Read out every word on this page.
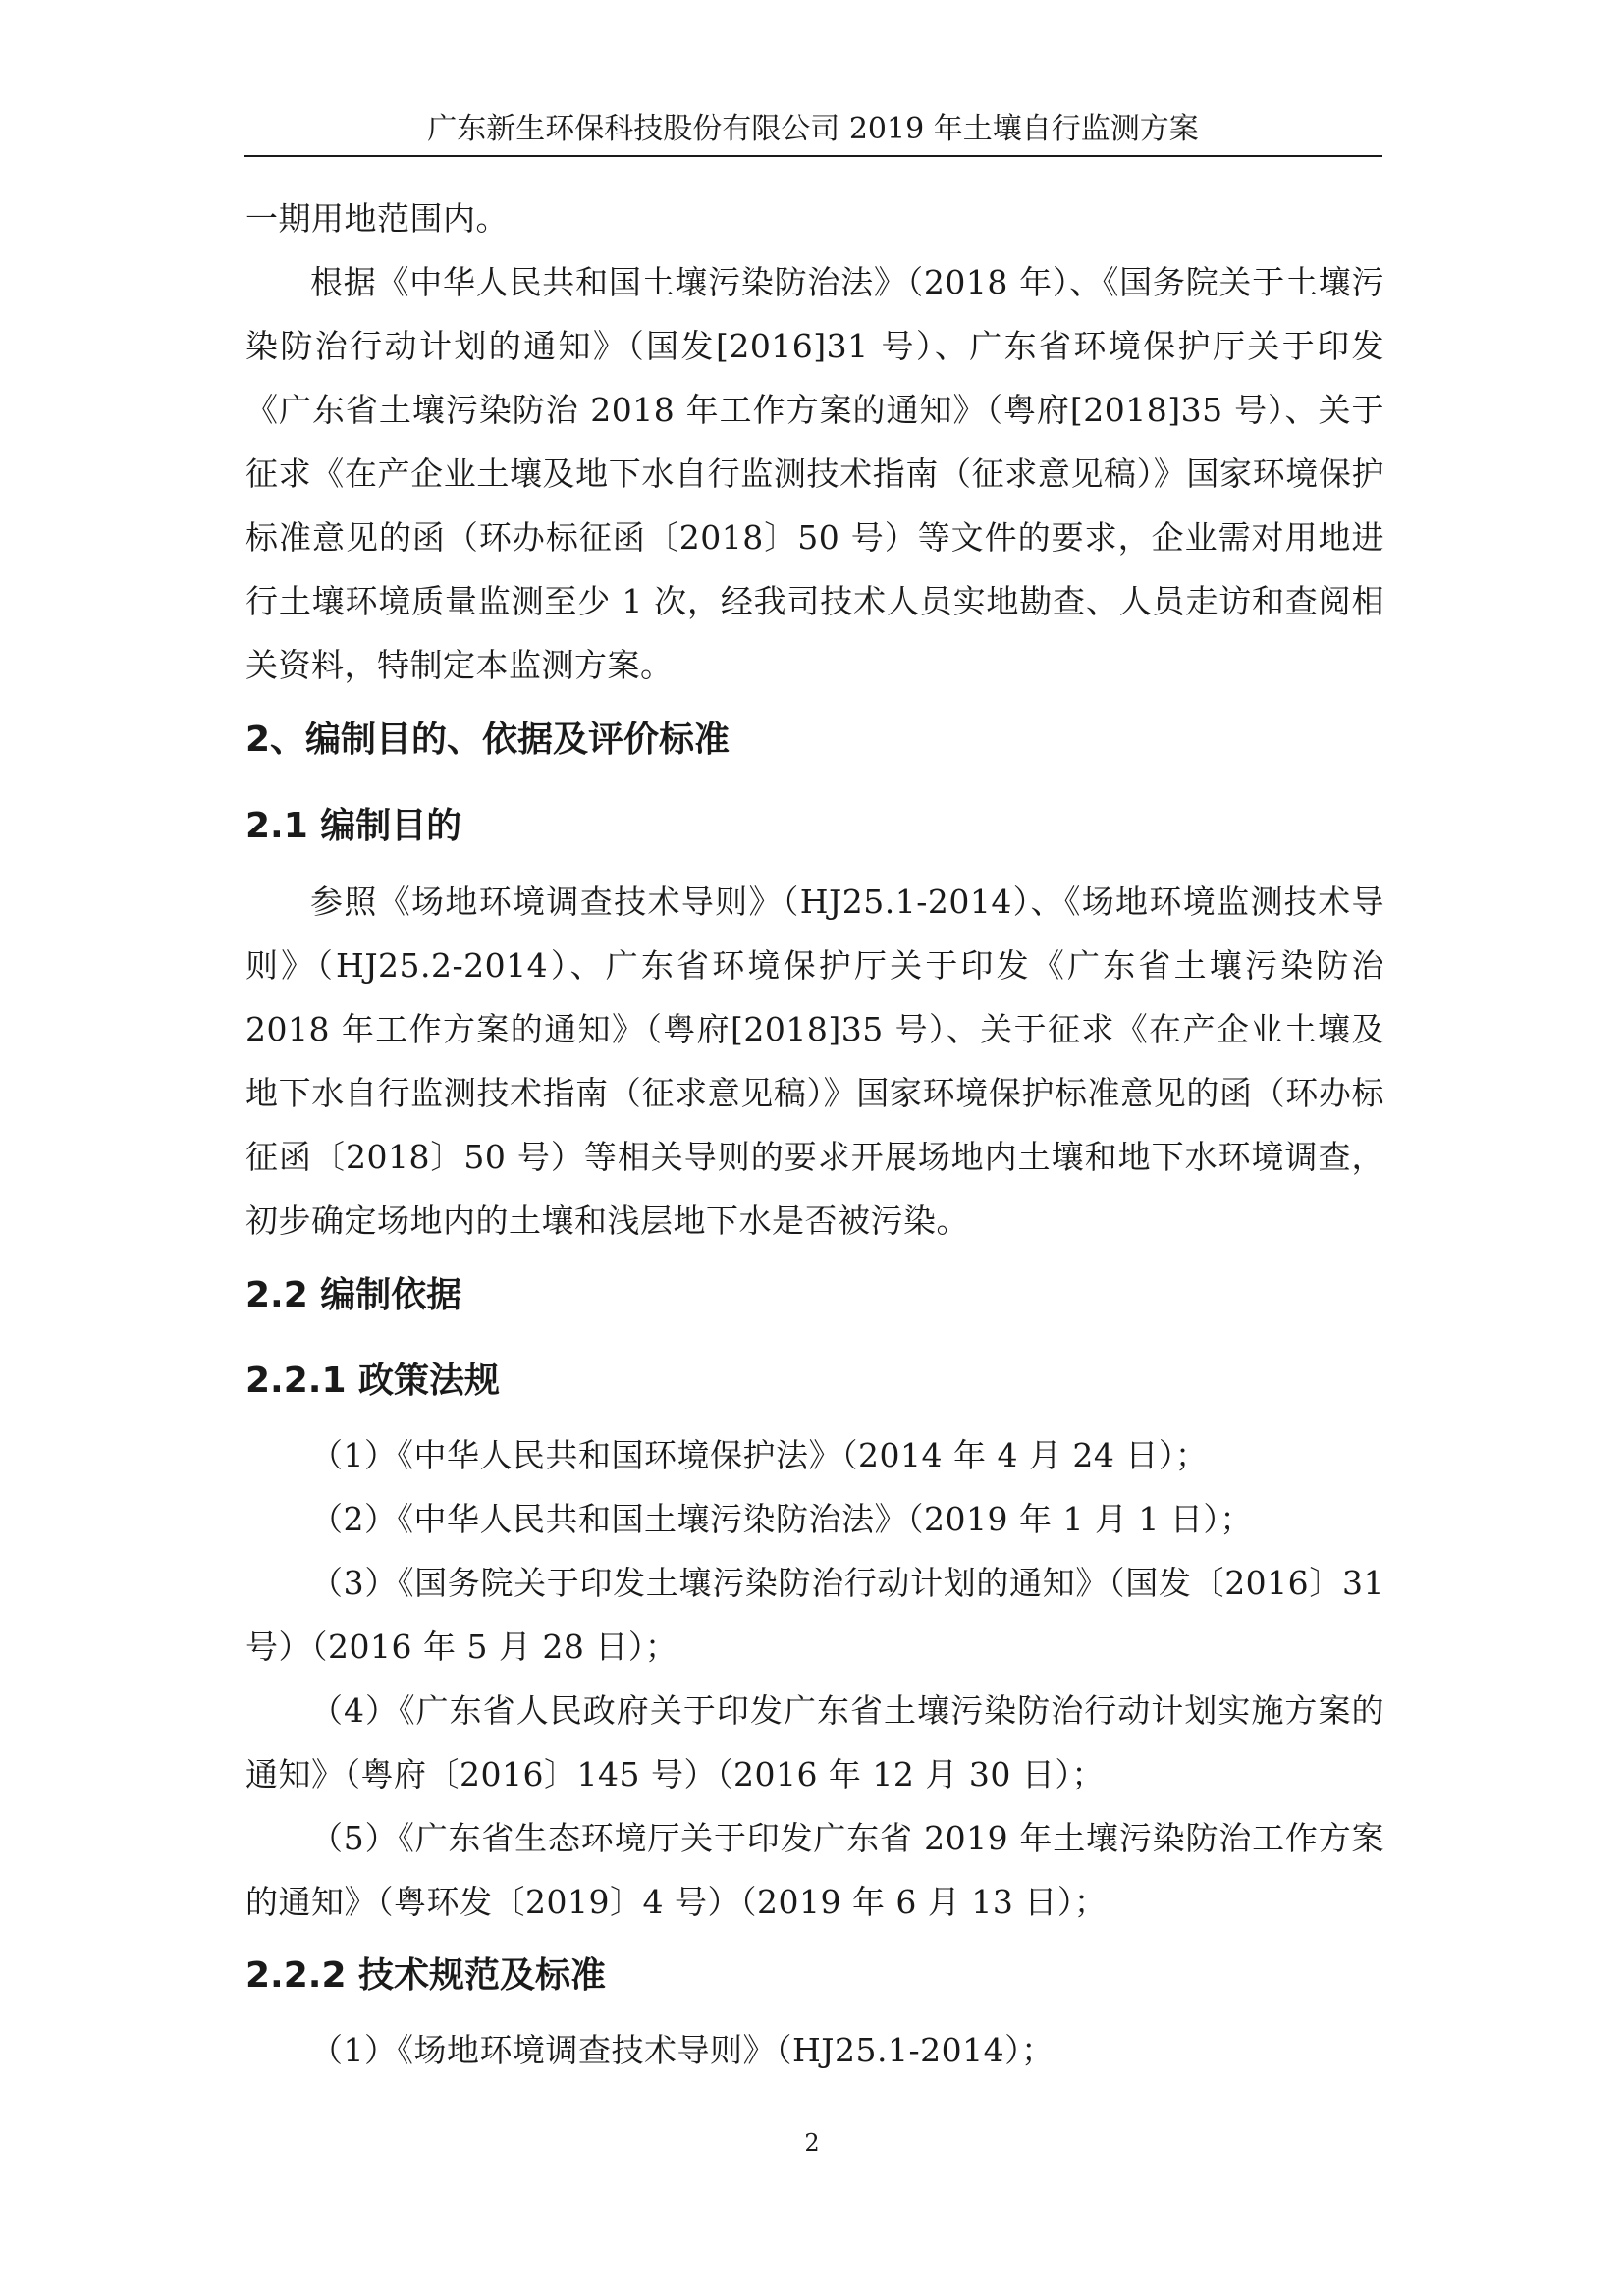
广东新生环保科技股份有限公司 2019 年土壤自行监测方案

一期用地范围内。

根据《中华人民共和国土壤污染防治法》（2018 年）、《国务院关于土壤污染防治行动计划的通知》（国发[2016]31 号）、广东省环境保护厅关于印发《广东省土壤污染防治 2018 年工作方案的通知》（粤府[2018]35 号）、关于征求《在产企业土壤及地下水自行监测技术指南（征求意见稿）》国家环境保护标准意见的函（环办标征函〔2018〕50 号）等文件的要求，企业需对用地进行土壤环境质量监测至少 1 次，经我司技术人员实地勘查、人员走访和查阅相关资料，特制定本监测方案。

2、编制目的、依据及评价标准
2.1 编制目的

参照《场地环境调查技术导则》（HJ25.1-2014）、《场地环境监测技术导则》（HJ25.2-2014）、广东省环境保护厅关于印发《广东省土壤污染防治 2018 年工作方案的通知》（粤府[2018]35 号）、关于征求《在产企业土壤及地下水自行监测技术指南（征求意见稿）》国家环境保护标准意见的函（环办标征函〔2018〕50 号）等相关导则的要求开展场地内土壤和地下水环境调查，初步确定场地内的土壤和浅层地下水是否被污染。

2.2 编制依据
2.2.1 政策法规

（1）《中华人民共和国环境保护法》（2014 年 4 月 24 日）；

（2）《中华人民共和国土壤污染防治法》（2019 年 1 月 1 日）；

（3）《国务院关于印发土壤污染防治行动计划的通知》（国发〔2016〕31 号）（2016 年 5 月 28 日）；

（4）《广东省人民政府关于印发广东省土壤污染防治行动计划实施方案的通知》（粤府〔2016〕145 号）（2016 年 12 月 30 日）；

（5）《广东省生态环境厅关于印发广东省 2019 年土壤污染防治工作方案的通知》（粤环发〔2019〕4 号）（2019 年 6 月 13 日）；

2.2.2 技术规范及标准

（1）《场地环境调查技术导则》（HJ25.1-2014）；

2
